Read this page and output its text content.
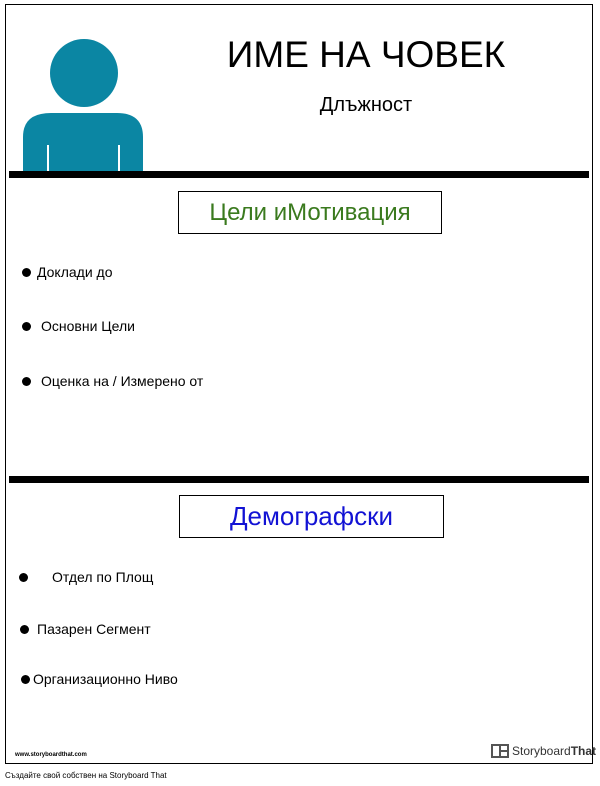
ИМЕ НА ЧОВЕК
Длъжност
Цели иМотивация
Доклади до
Основни Цели
Оценка на / Измерено от
Демографски
Отдел по Площ
Пазарен Сегмент
Организационно Ниво
www.storyboardthat.com	StoryboardThat
Създайте свой собствен на Storyboard That
